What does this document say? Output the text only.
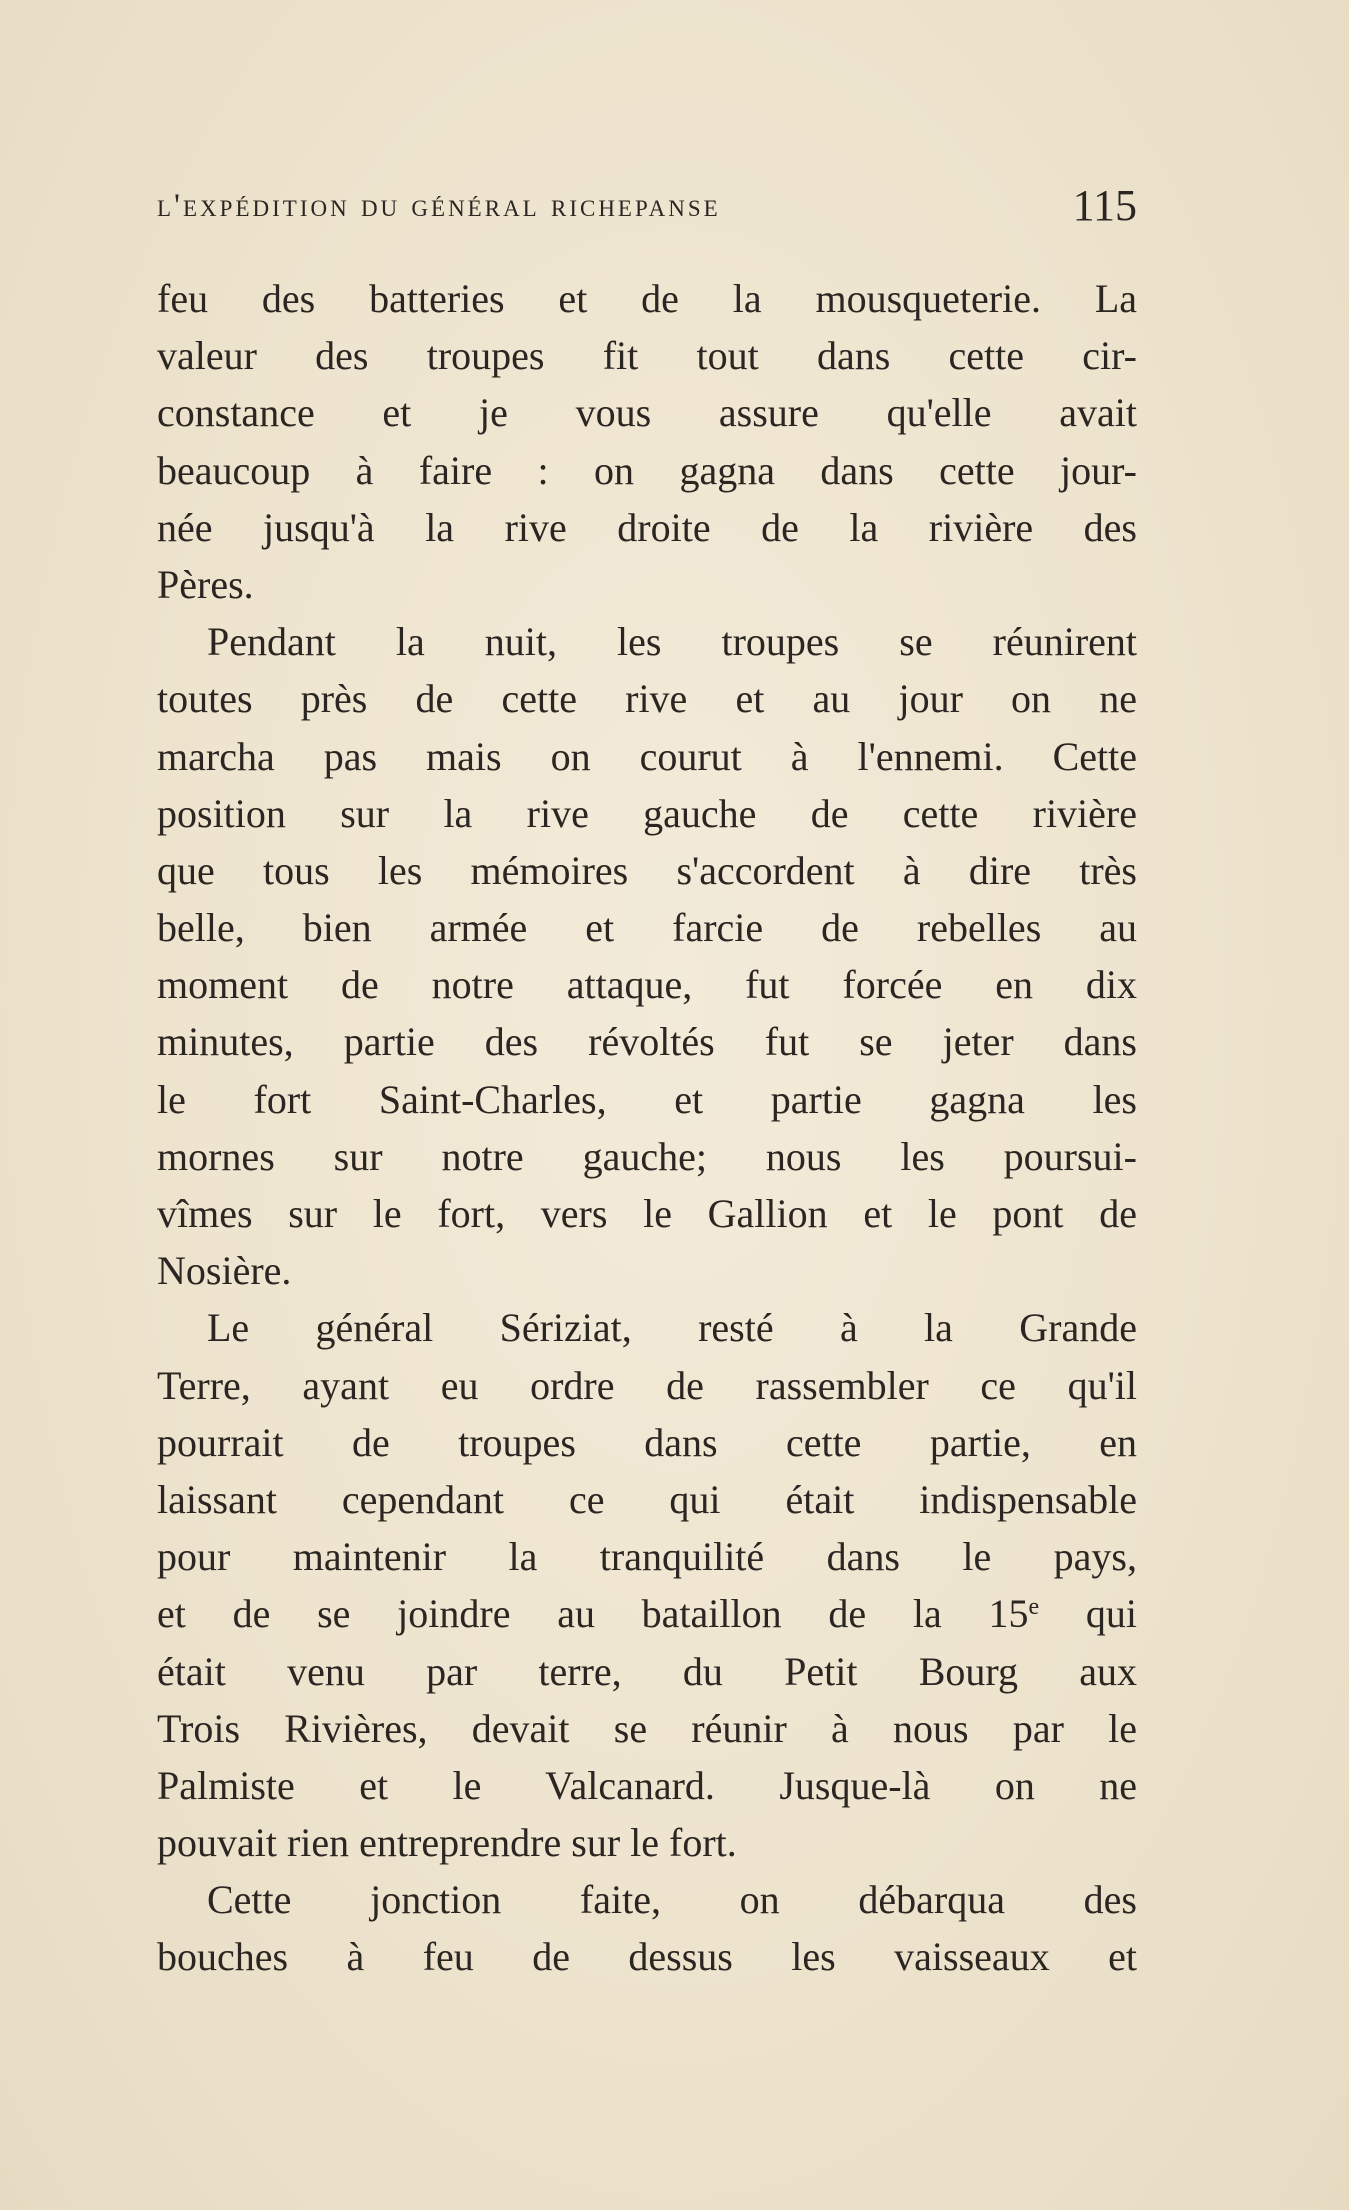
l'expédition du général richepanse	115
feu des batteries et de la mousqueterie. La
valeur des troupes fit tout dans cette cir-
constance et je vous assure qu'elle avait
beaucoup à faire : on gagna dans cette jour-
née jusqu'à la rive droite de la rivière des
Pères.
Pendant la nuit, les troupes se réunirent
toutes près de cette rive et au jour on ne
marcha pas mais on courut à l'ennemi. Cette
position sur la rive gauche de cette rivière
que tous les mémoires s'accordent à dire très
belle, bien armée et farcie de rebelles au
moment de notre attaque, fut forcée en dix
minutes, partie des révoltés fut se jeter dans
le fort Saint-Charles, et partie gagna les
mornes sur notre gauche; nous les poursui-
vîmes sur le fort, vers le Gallion et le pont de
Nosière.
Le général Sériziat, resté à la Grande
Terre, ayant eu ordre de rassembler ce qu'il
pourrait de troupes dans cette partie, en
laissant cependant ce qui était indispensable
pour maintenir la tranquilité dans le pays,
et de se joindre au bataillon de la 15e qui
était venu par terre, du Petit Bourg aux
Trois Rivières, devait se réunir à nous par le
Palmiste et le Valcanard. Jusque-là on ne
pouvait rien entreprendre sur le fort.
Cette jonction faite, on débarqua des
bouches à feu de dessus les vaisseaux et
